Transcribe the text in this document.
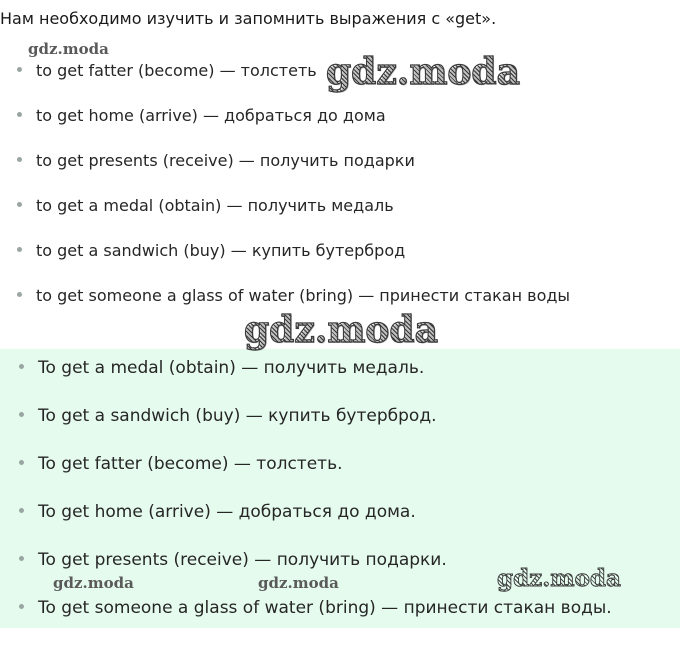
Нам необходимо изучить и запомнить выражения с «get».
to get fatter (become) — толстеть
to get home (arrive) — добраться до дома
to get presents (receive) — получить подарки
to get a medal (obtain) — получить медаль
to get a sandwich (buy) — купить бутерброд
to get someone a glass of water (bring) — принести стакан воды
To get a medal (obtain) — получить медаль.
To get a sandwich (buy) — купить бутерброд.
To get fatter (become) — толстеть.
To get home (arrive) — добраться до дома.
To get presents (receive) — получить подарки.
To get someone a glass of water (bring) — принести стакан воды.
gdz.moda
gdz.moda
gdz.moda
gdz.moda	gdz.moda	gdz.moda
